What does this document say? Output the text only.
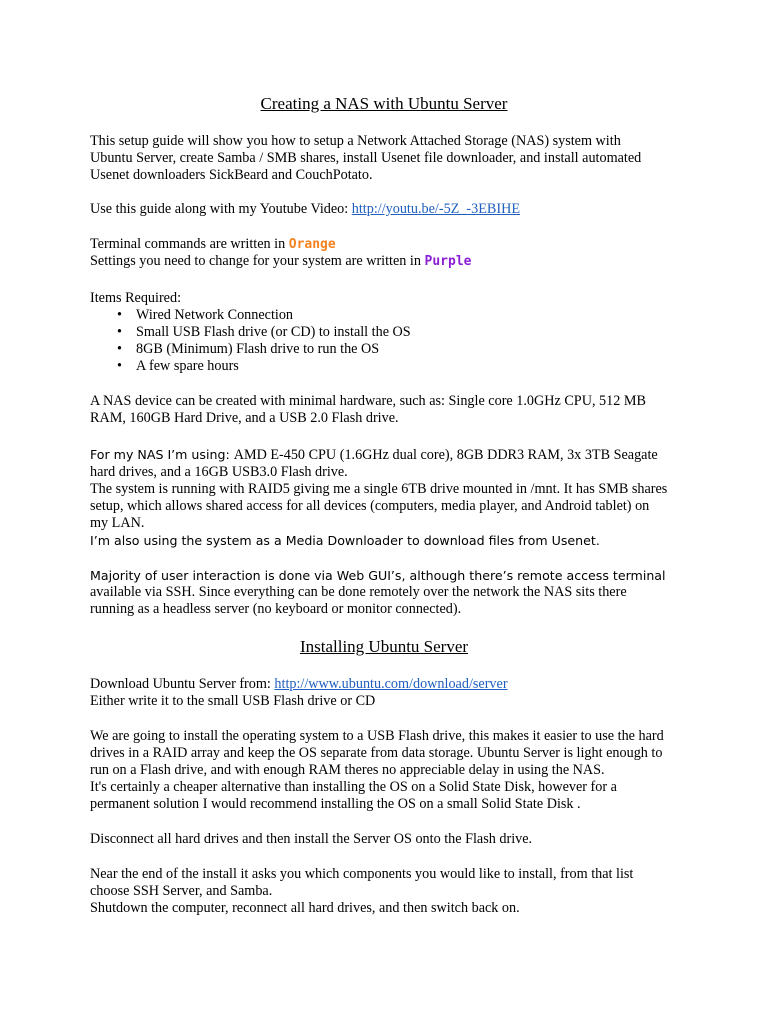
Creating a NAS with Ubuntu Server

This setup guide will show you how to setup a Network Attached Storage (NAS) system with
Ubuntu Server, create Samba / SMB shares, install Usenet file downloader, and install automated
Usenet downloaders SickBeard and CouchPotato.

Use this guide along with my Youtube Video: http://youtu.be/-5Z_-3EBIHE

Terminal commands are written in Orange
Settings you need to change for your system are written in Purple

Items Required:

• Wired Network Connection
• Small USB Flash drive (or CD) to install the OS
• 8GB (Minimum) Flash drive to run the OS
• A few spare hours

A NAS device can be created with minimal hardware, such as: Single core 1.0GHz CPU, 512 MB
RAM, 160GB Hard Drive, and a USB 2.0 Flash drive.

For my NAS I’m using: AMD E-450 CPU (1.6GHz dual core), 8GB DDR3 RAM, 3x 3TB Seagate
hard drives, and a 16GB USB3.0 Flash drive.
The system is running with RAID5 giving me a single 6TB drive mounted in /mnt. It has SMB shares
setup, which allows shared access for all devices (computers, media player, and Android tablet) on
my LAN.
I’m also using the system as a Media Downloader to download files from Usenet.

Majority of user interaction is done via Web GUI’s, although there’s remote access terminal
available via SSH. Since everything can be done remotely over the network the NAS sits there
running as a headless server (no keyboard or monitor connected).

Installing Ubuntu Server

Download Ubuntu Server from: http://www.ubuntu.com/download/server
Either write it to the small USB Flash drive or CD

We are going to install the operating system to a USB Flash drive, this makes it easier to use the hard
drives in a RAID array and keep the OS separate from data storage. Ubuntu Server is light enough to
run on a Flash drive, and with enough RAM theres no appreciable delay in using the NAS.
It's certainly a cheaper alternative than installing the OS on a Solid State Disk, however for a
permanent solution I would recommend installing the OS on a small Solid State Disk .

Disconnect all hard drives and then install the Server OS onto the Flash drive.

Near the end of the install it asks you which components you would like to install, from that list
choose SSH Server, and Samba.
Shutdown the computer, reconnect all hard drives, and then switch back on.
